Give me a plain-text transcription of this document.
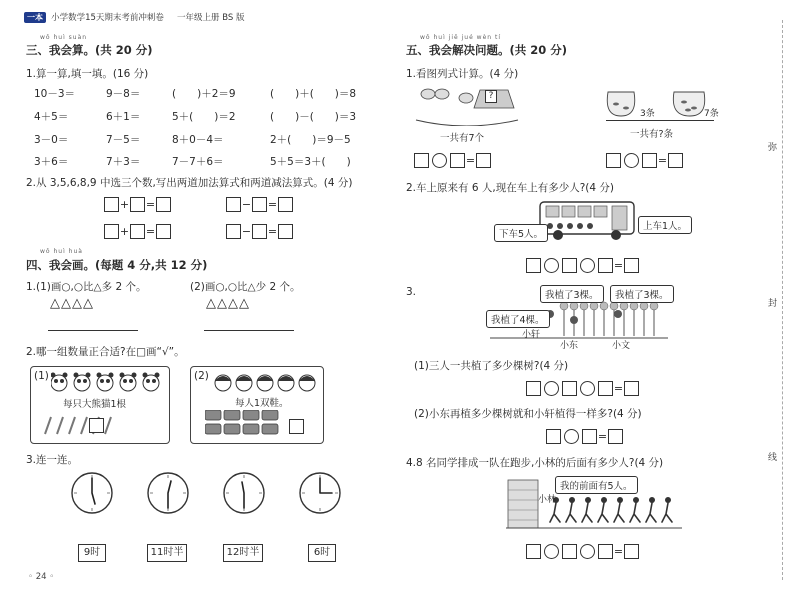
一本 小学数学15天期末考前冲刺卷 一年级上册 BS 版
wǒ huì suàn
三、我会算。(共 20 分)
1.算一算,填一填。(16 分)
10－3＝	9－8＝	(　　)＋2＝9	(　　)＋(　　)＝8
4＋5＝	6＋1＝	5＋(　　)＝2	(　　)－(　　)＝3
3－0＝	7－5＝	8＋0－4＝	2＋(　　)＝9－5
3＋6＝	7＋3＝	7－7＋6＝	5＋5＝3＋(　　)
2.从 3,5,6,8,9 中选三个数,写出两道加法算式和两道减法算式。(4 分)
+ =
+ =
− =
− =
wǒ huì huà
四、我会画。(每题 4 分,共 12 分)
1.(1)画○,○比△多 2 个。	(2)画○,○比△少 2 个。
△△△△	△△△△
2.哪一组数量正合适?在□画“√”。
(1)
每只大熊猫1根
(2)
每人1双鞋。
3.连一连。
9时	11时半	12时半	6时
◦ 24 ◦
wǒ huì jiě jué wèn tí
五、我会解决问题。(共 20 分)
1.看图列式计算。(4 分)
?
一共有7个
3条	7条
一共有?条
=	=
2.车上原来有 6 人,现在车上有多少人?(4 分)
下车5人。
上车1人。
=
3.	我植了3棵。	我植了3棵。
我植了4棵。
小轩
小东	小文
(1)三人一共植了多少棵树?(4 分)
=
(2)小东再植多少棵树就和小轩植得一样多?(4 分)
=
4.8 名同学排成一队在跑步,小林的后面有多少人?(4 分)
我的前面有5人。
小林
=
弥
封
线
